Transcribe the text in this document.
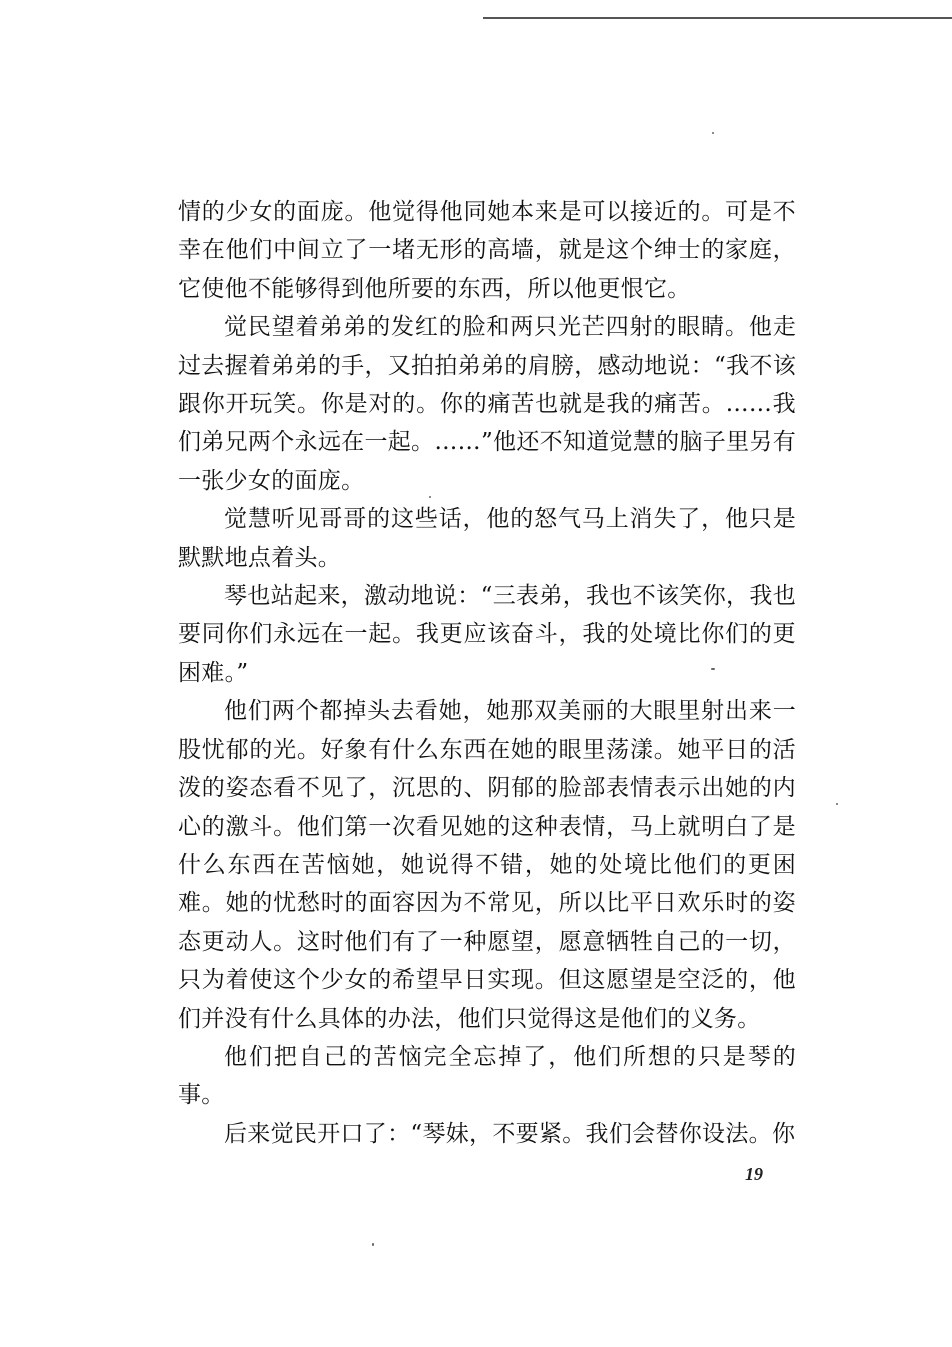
情的少女的面庞。他觉得他同她本来是可以接近的。可是不幸在他们中间立了一堵无形的高墙，就是这个绅士的家庭，它使他不能够得到他所要的东西，所以他更恨它。

觉民望着弟弟的发红的脸和两只光芒四射的眼睛。他走过去握着弟弟的手，又拍拍弟弟的肩膀，感动地说：“我不该跟你开玩笑。你是对的。你的痛苦也就是我的痛苦。……我们弟兄两个永远在一起。……”他还不知道觉慧的脑子里另有一张少女的面庞。

觉慧听见哥哥的这些话，他的怒气马上消失了，他只是默默地点着头。

琴也站起来，激动地说：“三表弟，我也不该笑你，我也要同你们永远在一起。我更应该奋斗，我的处境比你们的更困难。”

他们两个都掉头去看她，她那双美丽的大眼里射出来一股忧郁的光。好象有什么东西在她的眼里荡漾。她平日的活泼的姿态看不见了，沉思的、阴郁的脸部表情表示出她的内心的激斗。他们第一次看见她的这种表情，马上就明白了是什么东西在苦恼她，她说得不错，她的处境比他们的更困难。她的忧愁时的面容因为不常见，所以比平日欢乐时的姿态更动人。这时他们有了一种愿望，愿意牺牲自己的一切，只为着使这个少女的希望早日实现。但这愿望是空泛的，他们并没有什么具体的办法，他们只觉得这是他们的义务。

他们把自己的苦恼完全忘掉了，他们所想的只是琴的事。

后来觉民开口了：“琴妹，不要紧。我们会替你设法。你

19
